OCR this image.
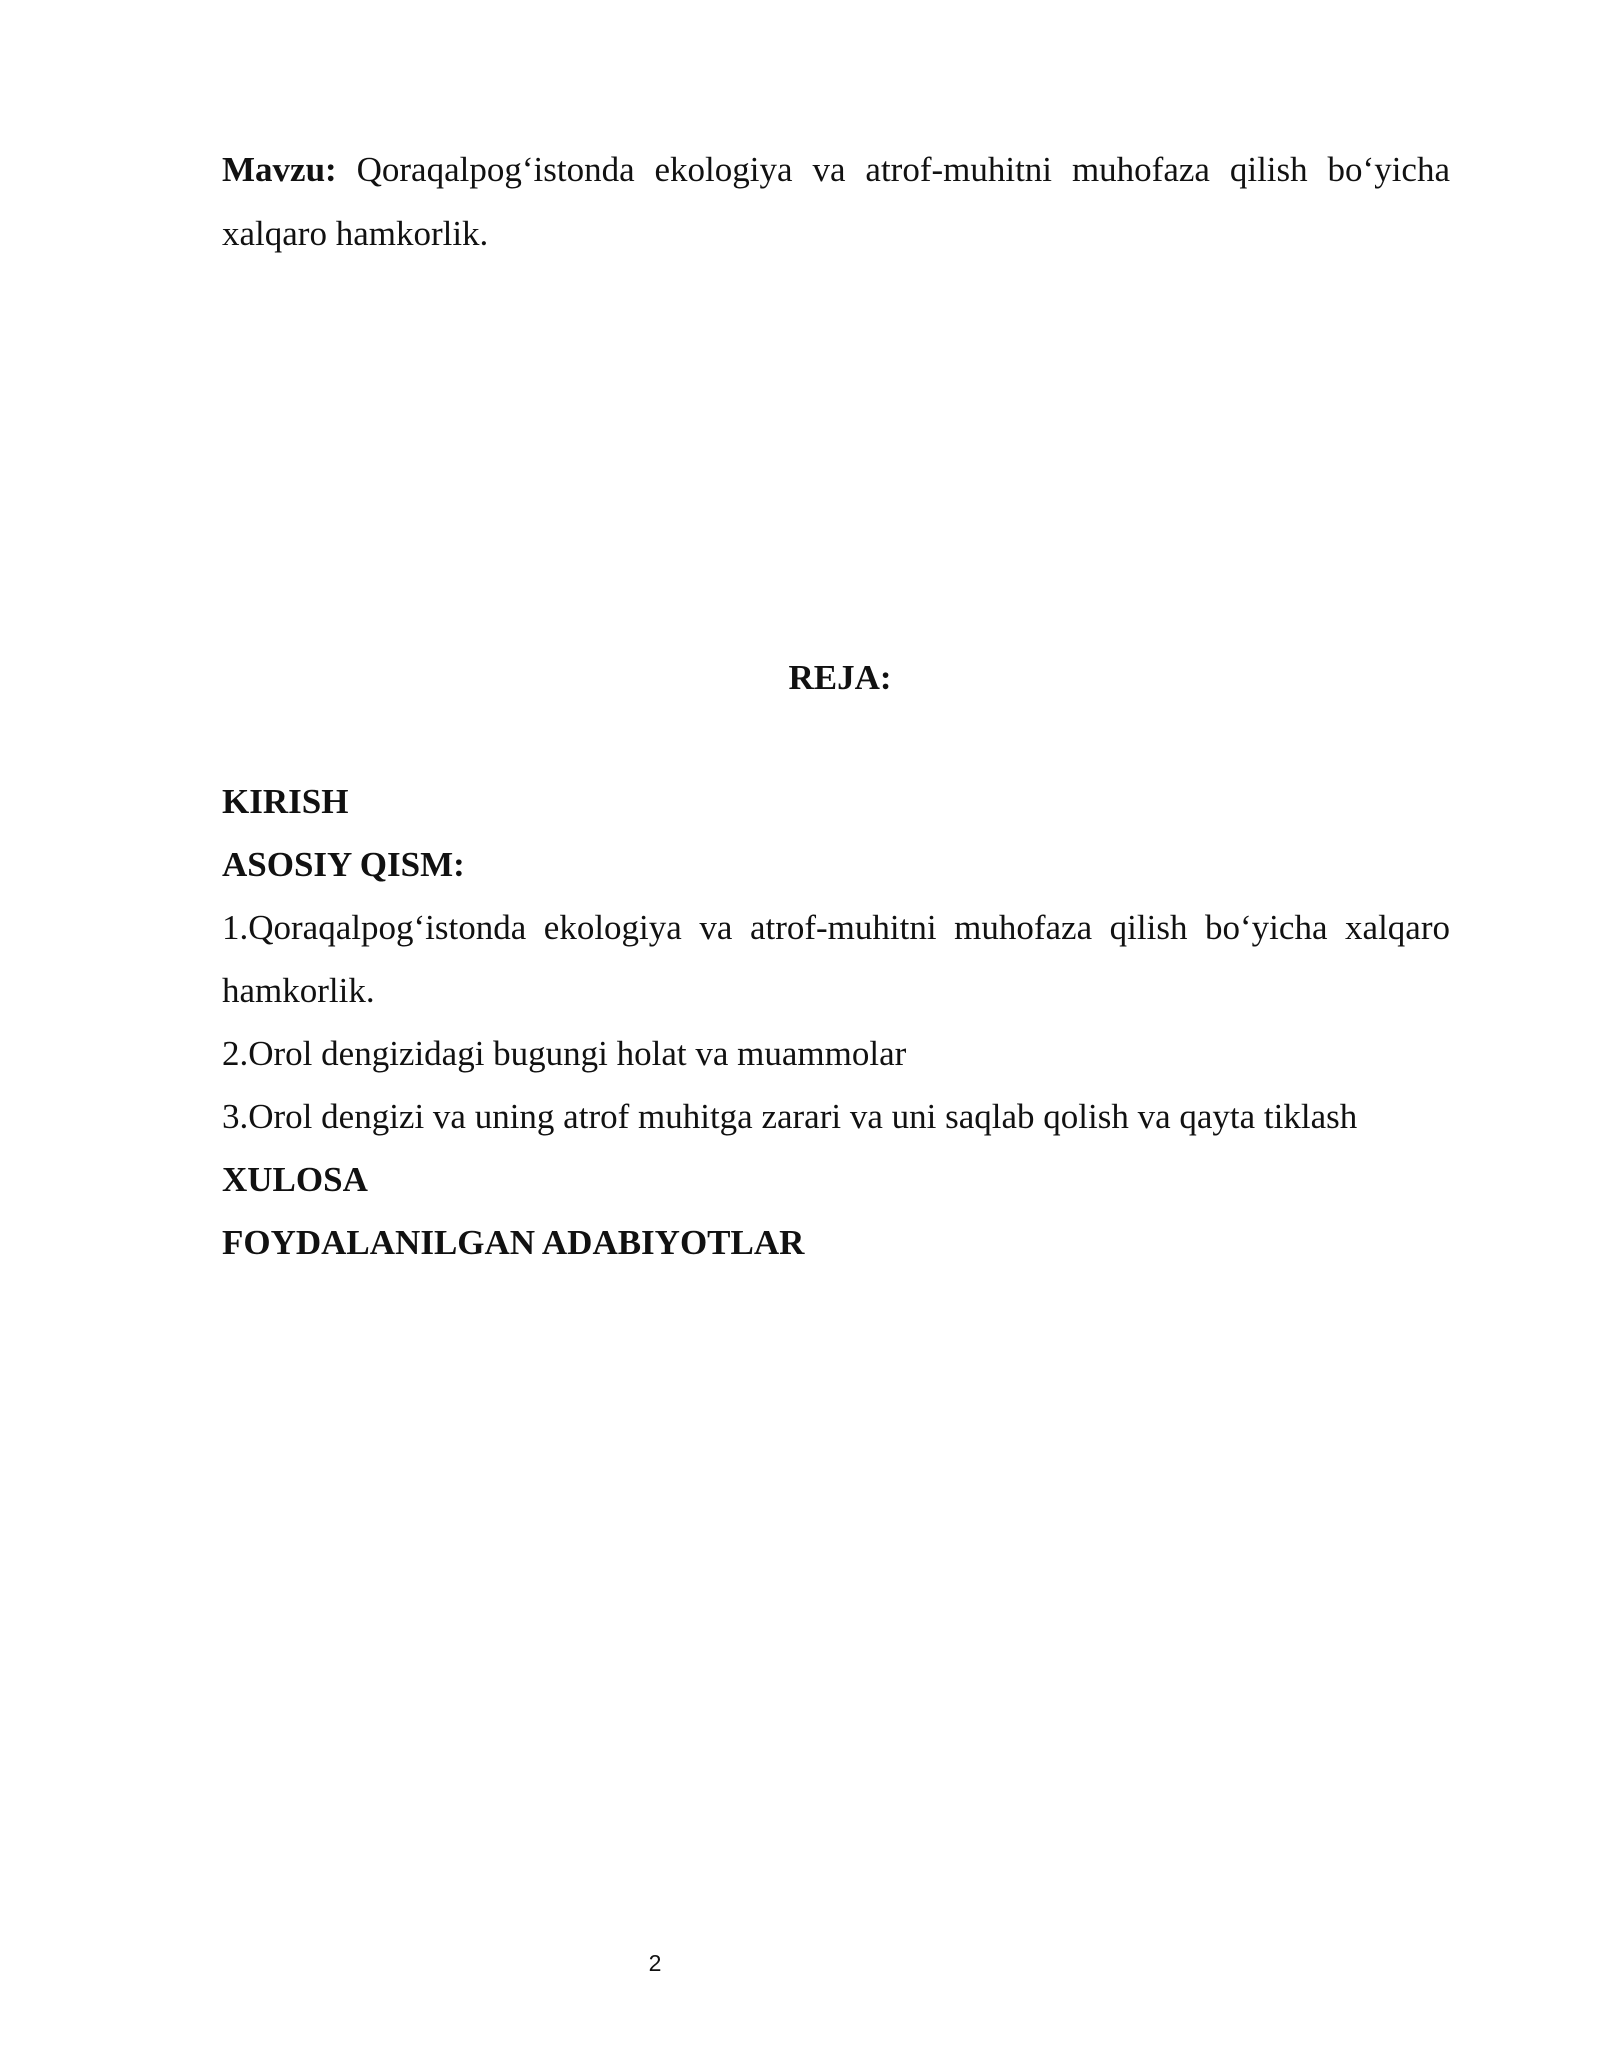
Mavzu: Qoraqalpog‘istonda ekologiya va atrof-muhitni muhofaza qilish bo‘yicha xalqaro hamkorlik.

REJA:
KIRISH
ASOSIY QISM:
1.Qoraqalpog‘istonda ekologiya va atrof-muhitni muhofaza qilish bo‘yicha xalqaro hamkorlik.
2.Orol dengizidagi bugungi holat va muammolar
3.Orol dengizi va uning atrof muhitga zarari va uni saqlab qolish va qayta tiklash
XULOSA
FOYDALANILGAN ADABIYOTLAR

2
